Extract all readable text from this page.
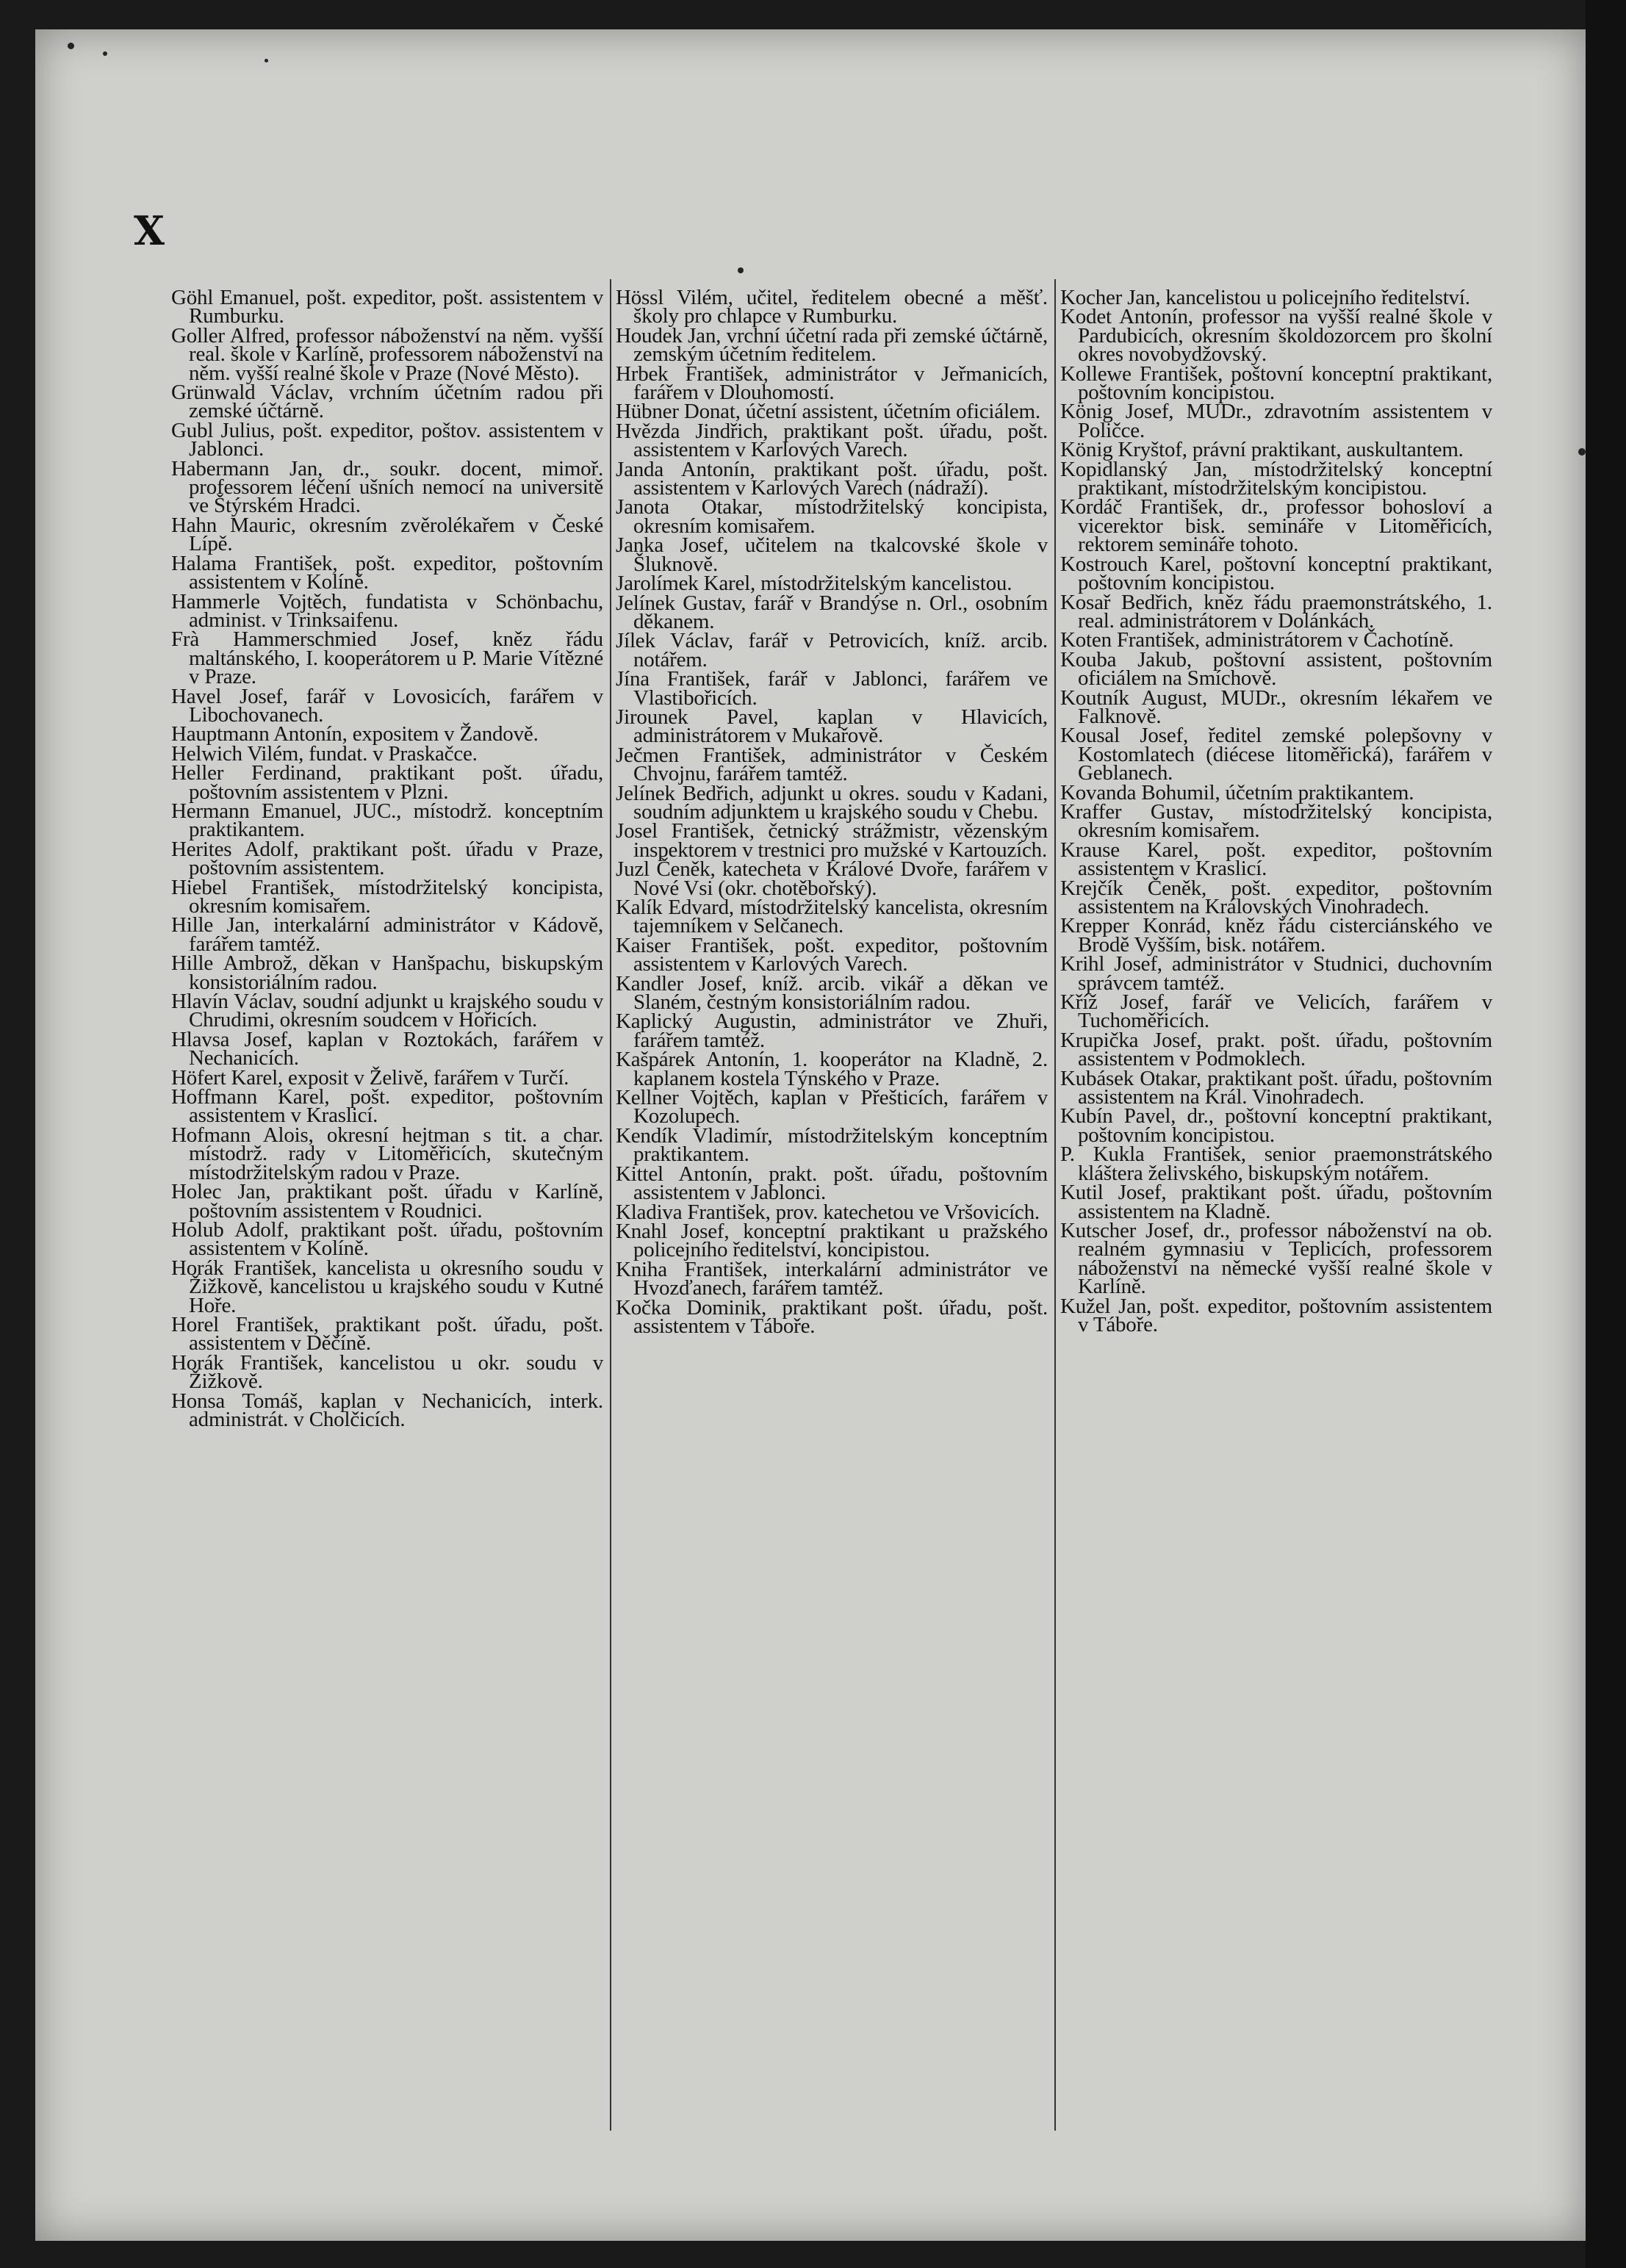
X

Göhl Emanuel, pošt. expeditor, pošt. assistentem v Rumburku.

Goller Alfred, professor náboženství na něm. vyšší real. škole v Karlíně, professorem náboženství na něm. vyšší realné škole v Praze (Nové Město).

Grünwald Václav, vrchním účetním radou při zemské účtárně.

Gubl Julius, pošt. expeditor, poštov. assistentem v Jablonci.

Habermann Jan, dr., soukr. docent, mimoř. professorem léčení ušních nemocí na universitě ve Štýrském Hradci.

Hahn Mauric, okresním zvěrolékařem v České Lípě.

Halama František, pošt. expeditor, poštovním assistentem v Kolíně.

Hammerle Vojtěch, fundatista v Schönbachu, administ. v Trinksaifenu.

Frà Hammerschmied Josef, kněz řádu maltánského, I. kooperátorem u P. Marie Vítězné v Praze.

Havel Josef, farář v Lovosicích, farářem v Libochovanech.

Hauptmann Antonín, expositem v Žandově.

Helwich Vilém, fundat. v Praskačce.

Heller Ferdinand, praktikant pošt. úřadu, poštovním assistentem v Plzni.

Hermann Emanuel, JUC., místodrž. konceptním praktikantem.

Herites Adolf, praktikant pošt. úřadu v Praze, poštovním assistentem.

Hiebel František, místodržitelský koncipista, okresním komisařem.

Hille Jan, interkalární administrátor v Kádově, farářem tamtéž.

Hille Ambrož, děkan v Hanšpachu, biskupským konsistoriálním radou.

Hlavín Václav, soudní adjunkt u krajského soudu v Chrudimi, okresním soudcem v Hořicích.

Hlavsa Josef, kaplan v Roztokách, farářem v Nechanicích.

Höfert Karel, exposit v Želivě, farářem v Turčí.

Hoffmann Karel, pošt. expeditor, poštovním assistentem v Kraslicí.

Hofmann Alois, okresní hejtman s tit. a char. místodrž. rady v Litoměřicích, skutečným místodržitelským radou v Praze.

Holec Jan, praktikant pošt. úřadu v Karlíně, poštovním assistentem v Roudnici.

Holub Adolf, praktikant pošt. úřadu, poštovním assistentem v Kolíně.

Horák František, kancelista u okresního soudu v Žižkově, kancelistou u krajského soudu v Kutné Hoře.

Horel František, praktikant pošt. úřadu, pošt. assistentem v Děčíně.

Horák František, kancelistou u okr. soudu v Žižkově.

Honsa Tomáš, kaplan v Nechanicích, interk. administrát. v Cholčicích.

Hössl Vilém, učitel, ředitelem obecné a měšť. školy pro chlapce v Rumburku.

Houdek Jan, vrchní účetní rada při zemské účtárně, zemským účetním ředitelem.

Hrbek František, administrátor v Jeřmanicích, farářem v Dlouhomostí.

Hübner Donat, účetní assistent, účetním oficiálem.

Hvězda Jindřich, praktikant pošt. úřadu, pošt. assistentem v Karlových Varech.

Janda Antonín, praktikant pošt. úřadu, pošt. assistentem v Karlových Varech (nádraží).

Janota Otakar, místodržitelský koncipista, okresním komisařem.

Janka Josef, učitelem na tkalcovské škole v Šluknově.

Jarolímek Karel, místodržitelským kancelistou.

Jelínek Gustav, farář v Brandýse n. Orl., osobním děkanem.

Jílek Václav, farář v Petrovicích, kníž. arcib. notářem.

Jína František, farář v Jablonci, farářem ve Vlastibořicích.

Jirounek Pavel, kaplan v Hlavicích, administrátorem v Mukařově.

Ječmen František, administrátor v Českém Chvojnu, farářem tamtéž.

Jelínek Bedřich, adjunkt u okres. soudu v Kadani, soudním adjunktem u krajského soudu v Chebu.

Josel František, četnický strážmistr, vězenským inspektorem v trestnici pro mužské v Kartouzích.

Juzl Čeněk, katecheta v Králové Dvoře, farářem v Nové Vsi (okr. chotěbořský).

Kalík Edvard, místodržitelský kancelista, okresním tajemníkem v Selčanech.

Kaiser František, pošt. expeditor, poštovním assistentem v Karlových Varech.

Kandler Josef, kníž. arcib. vikář a děkan ve Slaném, čestným konsistoriálním radou.

Kaplický Augustin, administrátor ve Zhuři, farářem tamtéž.

Kašpárek Antonín, 1. kooperátor na Kladně, 2. kaplanem kostela Týnského v Praze.

Kellner Vojtěch, kaplan v Přešticích, farářem v Kozolupech.

Kendík Vladimír, místodržitelským konceptním praktikantem.

Kittel Antonín, prakt. pošt. úřadu, poštovním assistentem v Jablonci.

Kladiva František, prov. katechetou ve Vršovicích.

Knahl Josef, konceptní praktikant u pražského policejního ředitelství, koncipistou.

Kniha František, interkalární administrátor ve Hvozďanech, farářem tamtéž.

Kočka Dominik, praktikant pošt. úřadu, pošt. assistentem v Táboře.

Kocher Jan, kancelistou u policejního ředitelství.

Kodet Antonín, professor na vyšší realné škole v Pardubicích, okresním školdozorcem pro školní okres novobydžovský.

Kollewe František, poštovní konceptní praktikant, poštovním koncipistou.

König Josef, MUDr., zdravotním assistentem v Poličce.

König Kryštof, právní praktikant, auskultantem.

Kopidlanský Jan, místodržitelský konceptní praktikant, místodržitelským koncipistou.

Kordáč František, dr., professor bohosloví a vicerektor bisk. semináře v Litoměřicích, rektorem semináře tohoto.

Kostrouch Karel, poštovní konceptní praktikant, poštovním koncipistou.

Kosař Bedřich, kněz řádu praemonstrátského, 1. real. administrátorem v Dolánkách.

Koten František, administrátorem v Čachotíně.

Kouba Jakub, poštovní assistent, poštovním oficiálem na Smíchově.

Koutník August, MUDr., okresním lékařem ve Falknově.

Kousal Josef, ředitel zemské polepšovny v Kostomlatech (diécese litoměřická), farářem v Geblanech.

Kovanda Bohumil, účetním praktikantem.

Kraffer Gustav, místodržitelský koncipista, okresním komisařem.

Krause Karel, pošt. expeditor, poštovním assistentem v Kraslicí.

Krejčík Čeněk, pošt. expeditor, poštovním assistentem na Královských Vinohradech.

Krepper Konrád, kněz řádu cisterciánského ve Brodě Vyšším, bisk. notářem.

Krihl Josef, administrátor v Studnici, duchovním správcem tamtéž.

Kříž Josef, farář ve Velicích, farářem v Tuchoměřicích.

Krupička Josef, prakt. pošt. úřadu, poštovním assistentem v Podmoklech.

Kubásek Otakar, praktikant pošt. úřadu, poštovním assistentem na Král. Vinohradech.

Kubín Pavel, dr., poštovní konceptní praktikant, poštovním koncipistou.

P. Kukla František, senior praemonstrátského kláštera želivského, biskupským notářem.

Kutil Josef, praktikant pošt. úřadu, poštovním assistentem na Kladně.

Kutscher Josef, dr., professor náboženství na ob. realném gymnasiu v Teplicích, professorem náboženství na německé vyšší realné škole v Karlíně.

Kužel Jan, pošt. expeditor, poštovním assistentem v Táboře.
